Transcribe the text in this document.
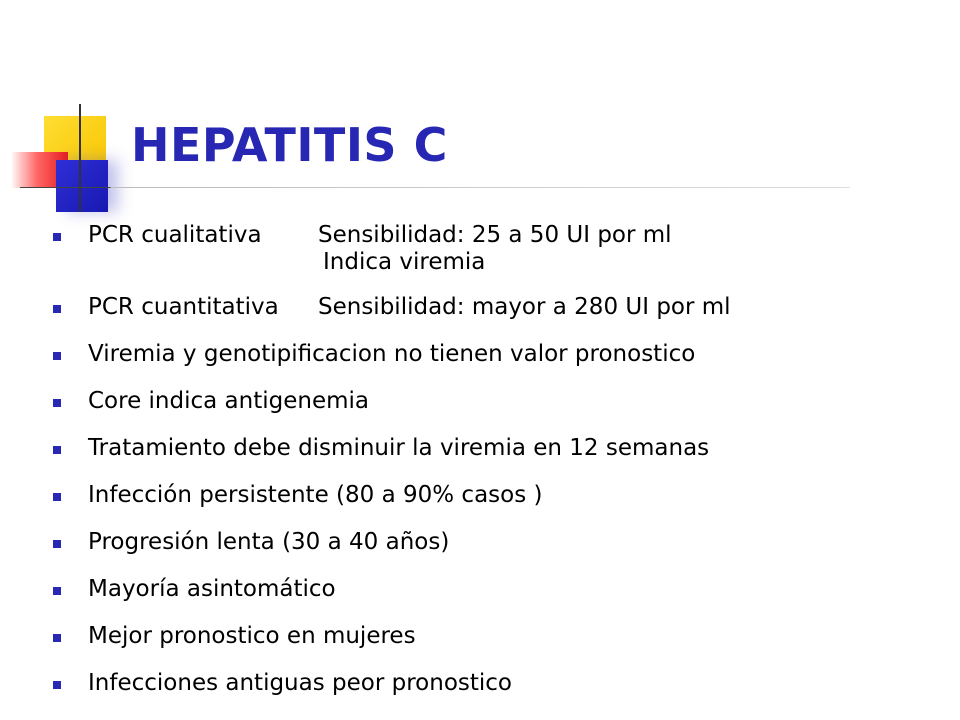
HEPATITIS C
PCR cualitativa Sensibilidad: 25 a 50 UI por ml
Indica viremia
PCR cuantitativa Sensibilidad: mayor a 280 UI por ml
Viremia y genotipificacion no tienen valor pronostico
Core indica antigenemia
Tratamiento debe disminuir la viremia en 12 semanas
Infección persistente (80 a 90% casos )
Progresión lenta (30 a 40 años)
Mayoría asintomático
Mejor pronostico en mujeres
Infecciones antiguas peor pronostico
